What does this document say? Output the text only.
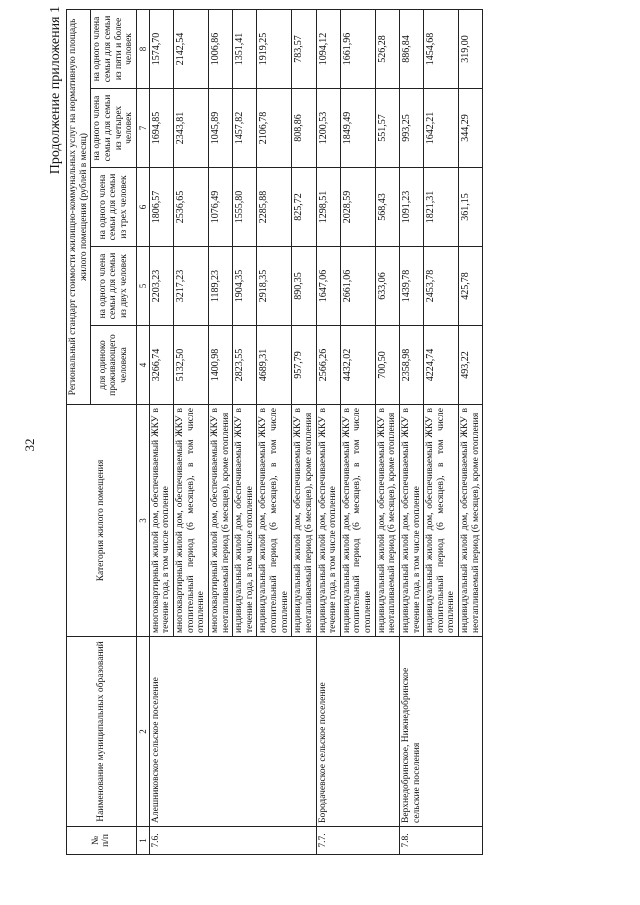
32
Продолжение приложения 1
№
п/п	Наименование муниципальных образований	Категория жилого помещения	Региональный стандарт стоимости жилищно-коммунальных услуг на нормативную площадь жилого помещения (рублей в месяц)				
			для одиноко проживающего человека	на одного члена семьи для семьи из двух человек	на одного члена семьи для семьи из трех человек	на одного члена семьи для семьи из четырех человек	на одного члена семьи для семьи из пяти и более человек
1	2	3	4	5	6	7	8
7.6.	Алешниковское сельское поселение	многоквартирный жилой дом, обеспечиваемый ЖКУ в течение года, в том числе отопление	3266,74	2203,23	1806,57	1694,85	1574,70
		многоквартирный жилой дом, обеспечиваемый ЖКУ в отопительный период (6 месяцев), в том числе отопление	5132,50	3217,23	2536,65	2343,81	2142,54
		многоквартирный жилой дом, обеспечиваемый ЖКУ в неотапливаемый период (6 месяцев), кроме отопления	1400,98	1189,23	1076,49	1045,89	1006,86
		индивидуальный жилой дом, обеспечиваемый ЖКУ в течение года, в том числе отопление	2823,55	1904,35	1555,80	1457,82	1351,41
		индивидуальный жилой дом, обеспечиваемый ЖКУ в отопительный период (6 месяцев), в том числе отопление	4689,31	2918,35	2285,88	2106,78	1919,25
		индивидуальный жилой дом, обеспечиваемый ЖКУ в неотапливаемый период (6 месяцев), кроме отопления	957,79	890,35	825,72	808,86	783,57
7.7.	Бородачевское сельское поселение	индивидуальный жилой дом, обеспечиваемый ЖКУ в течение года, в том числе отопление	2566,26	1647,06	1298,51	1200,53	1094,12
		индивидуальный жилой дом, обеспечиваемый ЖКУ в отопительный период (6 месяцев), в том числе отопление	4432,02	2661,06	2028,59	1849,49	1661,96
		индивидуальный жилой дом, обеспечиваемый ЖКУ в неотапливаемый период (6 месяцев), кроме отопления	700,50	633,06	568,43	551,57	526,28
7.8.	Верхнедобринское, Нижнедобринское сельские поселения	индивидуальный жилой дом, обеспечиваемый ЖКУ в течение года, в том числе отопление	2358,98	1439,78	1091,23	993,25	886,84
		индивидуальный жилой дом, обеспечиваемый ЖКУ в отопительный период (6 месяцев), в том числе отопление	4224,74	2453,78	1821,31	1642,21	1454,68
		индивидуальный жилой дом, обеспечиваемый ЖКУ в неотапливаемый период (6 месяцев), кроме отопления	493,22	425,78	361,15	344,29	319,00
